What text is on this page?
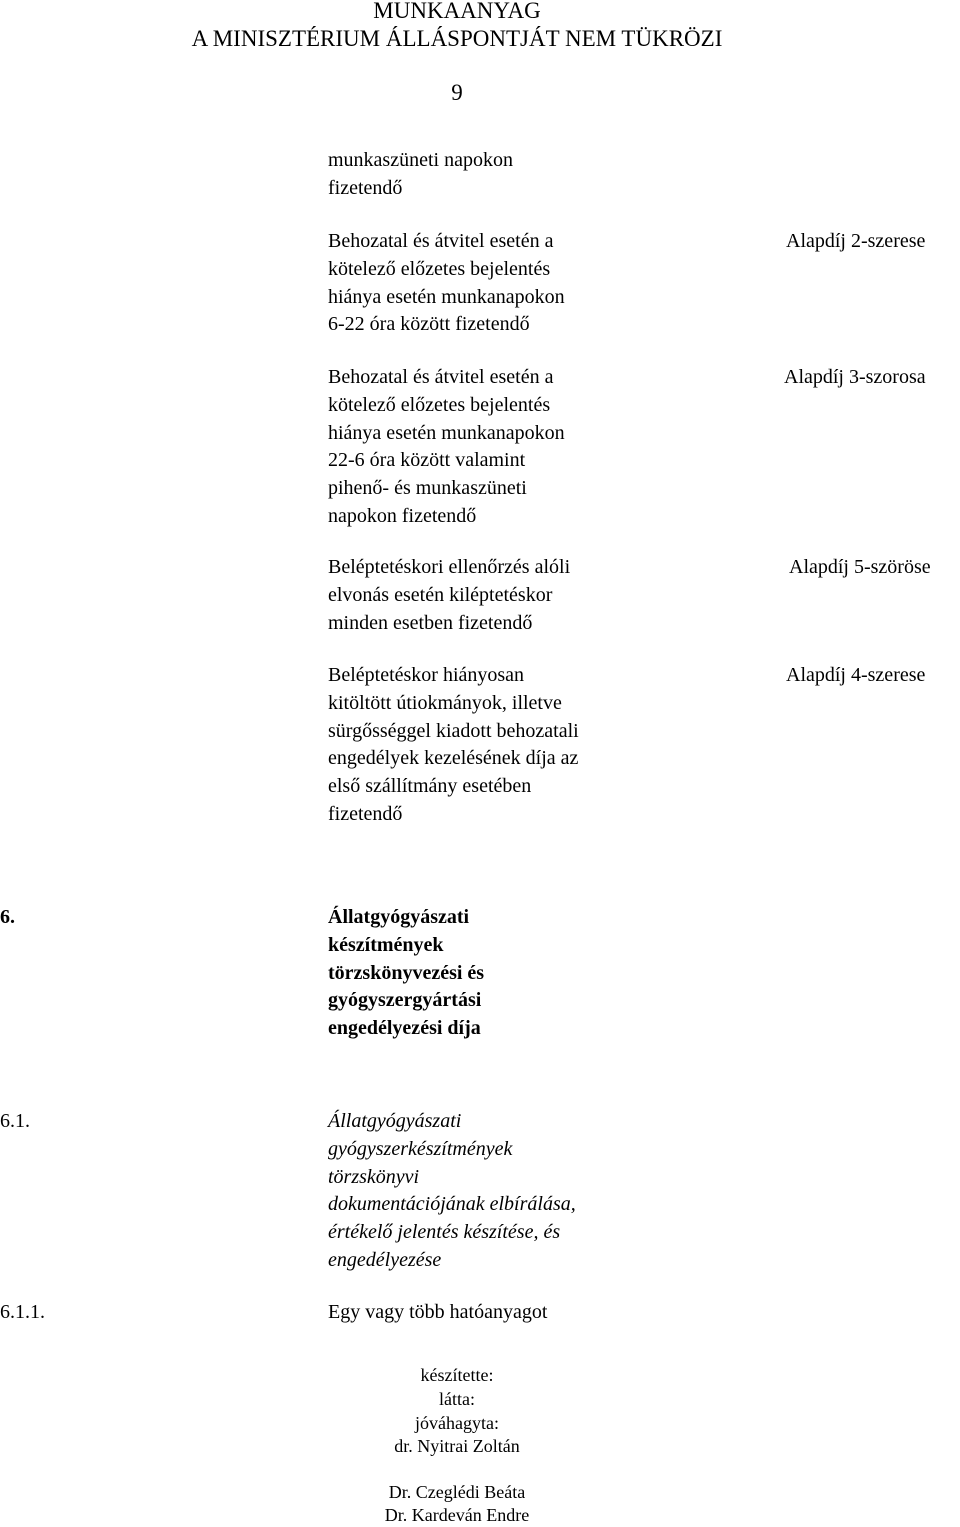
MUNKAANYAG
A MINISZTÉRIUM ÁLLÁSPONTJÁT NEM TÜKRÖZI
9
munkaszüneti napokon
fizetendő
Behozatal és átvitel esetén a
kötelező előzetes bejelentés
hiánya esetén munkanapokon
6-22 óra között fizetendő
Alapdíj 2-szerese
Behozatal és átvitel esetén a
kötelező előzetes bejelentés
hiánya esetén munkanapokon
22-6 óra között valamint
pihenő- és munkaszüneti
napokon fizetendő
Alapdíj 3-szorosa
Beléptetéskori ellenőrzés alóli
elvonás esetén kiléptetéskor
minden esetben fizetendő
Alapdíj 5-szöröse
Beléptetéskor hiányosan
kitöltött útiokmányok, illetve
sürgősséggel kiadott behozatali
engedélyek kezelésének díja az
első szállítmány esetében
fizetendő
Alapdíj 4-szerese
6.	Állatgyógyászati
készítmények
törzskönyvezési és
gyógyszergyártási
engedélyezési díja
6.1.	Állatgyógyászati
gyógyszerkészítmények
törzskönyvi
dokumentációjának elbírálása,
értékelő jelentés készítése, és
engedélyezése
6.1.1.	Egy vagy több hatóanyagot
készítette:
látta:
jóváhagyta:
dr. Nyitrai Zoltán
Dr. Czeglédi Beáta
Dr. Kardeván Endre
